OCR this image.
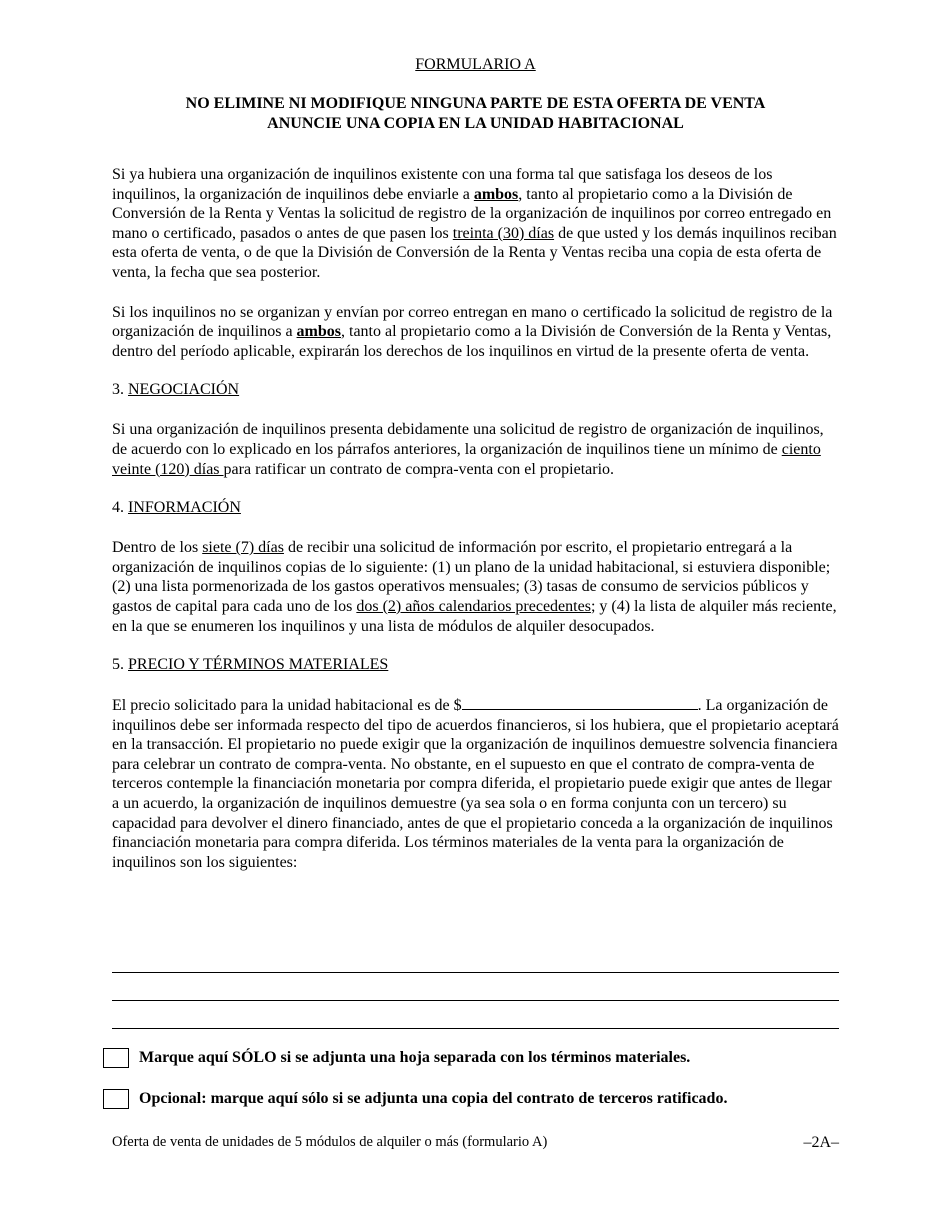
FORMULARIO A

NO ELIMINE NI MODIFIQUE NINGUNA PARTE DE ESTA OFERTA DE VENTA
ANUNCIE UNA COPIA EN LA UNIDAD HABITACIONAL

Si ya hubiera una organización de inquilinos existente con una forma tal que satisfaga los deseos de los inquilinos, la organización de inquilinos debe enviarle a ambos, tanto al propietario como a la División de Conversión de la Renta y Ventas la solicitud de registro de la organización de inquilinos por correo entregado en mano o certificado, pasados o antes de que pasen los treinta (30) días de que usted y los demás inquilinos reciban esta oferta de venta, o de que la División de Conversión de la Renta y Ventas reciba una copia de esta oferta de venta, la fecha que sea posterior.

Si los inquilinos no se organizan y envían por correo entregan en mano o certificado la solicitud de registro de la organización de inquilinos a ambos, tanto al propietario como a la División de Conversión de la Renta y Ventas, dentro del período aplicable, expirarán los derechos de los inquilinos en virtud de la presente oferta de venta.

3. NEGOCIACIÓN

Si una organización de inquilinos presenta debidamente una solicitud de registro de organización de inquilinos, de acuerdo con lo explicado en los párrafos anteriores, la organización de inquilinos tiene un mínimo de ciento veinte (120) días para ratificar un contrato de compra-venta con el propietario.

4. INFORMACIÓN

Dentro de los siete (7) días de recibir una solicitud de información por escrito, el propietario entregará a la organización de inquilinos copias de lo siguiente: (1) un plano de la unidad habitacional, si estuviera disponible; (2) una lista pormenorizada de los gastos operativos mensuales; (3) tasas de consumo de servicios públicos y gastos de capital para cada uno de los dos (2) años calendarios precedentes; y (4) la lista de alquiler más reciente, en la que se enumeren los inquilinos y una lista de módulos de alquiler desocupados.

5. PRECIO Y TÉRMINOS MATERIALES

El precio solicitado para la unidad habitacional es de $	. La organización de inquilinos debe ser informada respecto del tipo de acuerdos financieros, si los hubiera, que el propietario aceptará en la transacción. El propietario no puede exigir que la organización de inquilinos demuestre solvencia financiera para celebrar un contrato de compra-venta. No obstante, en el supuesto en que el contrato de compra-venta de terceros contemple la financiación monetaria por compra diferida, el propietario puede exigir que antes de llegar a un acuerdo, la organización de inquilinos demuestre (ya sea sola o en forma conjunta con un tercero) su capacidad para devolver el dinero financiado, antes de que el propietario conceda a la organización de inquilinos financiación monetaria para compra diferida. Los términos materiales de la venta para la organización de inquilinos son los siguientes:

Marque aquí SÓLO si se adjunta una hoja separada con los términos materiales.
Opcional: marque aquí sólo si se adjunta una copia del contrato de terceros ratificado.
Oferta de venta de unidades de 5 módulos de alquiler o más (formulario A)	–2A–
